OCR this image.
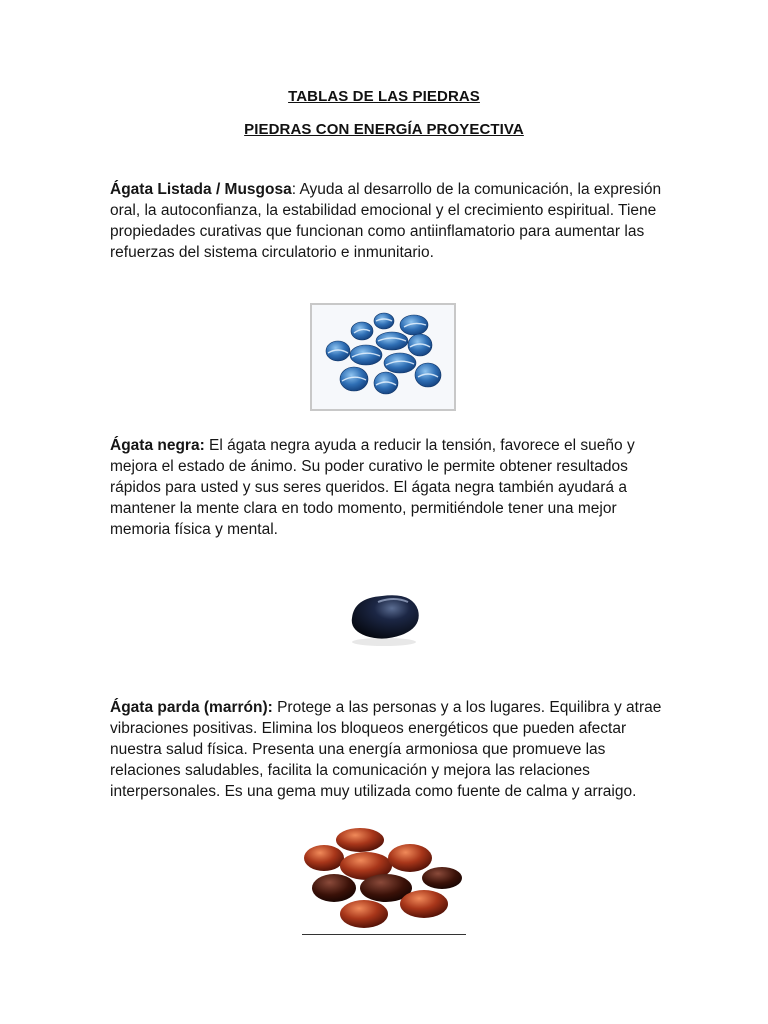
TABLAS DE LAS PIEDRAS
PIEDRAS CON ENERGÍA PROYECTIVA
Ágata Listada / Musgosa: Ayuda al desarrollo de la comunicación, la expresión oral, la autoconfianza, la estabilidad emocional y el crecimiento espiritual. Tiene propiedades curativas que funcionan como antiinflamatorio para aumentar las refuerzas del sistema circulatorio e inmunitario.
Ágata negra: El ágata negra ayuda a reducir la tensión, favorece el sueño y mejora el estado de ánimo. Su poder curativo le permite obtener resultados rápidos para usted y sus seres queridos. El ágata negra también ayudará a mantener la mente clara en todo momento, permitiéndole tener una mejor memoria física y mental.
Ágata parda (marrón): Protege a las personas y a los lugares. Equilibra y atrae vibraciones positivas. Elimina los bloqueos energéticos que pueden afectar nuestra salud física. Presenta una energía armoniosa que promueve las relaciones saludables, facilita la comunicación y mejora las relaciones interpersonales. Es una gema muy utilizada como fuente de calma y arraigo.
